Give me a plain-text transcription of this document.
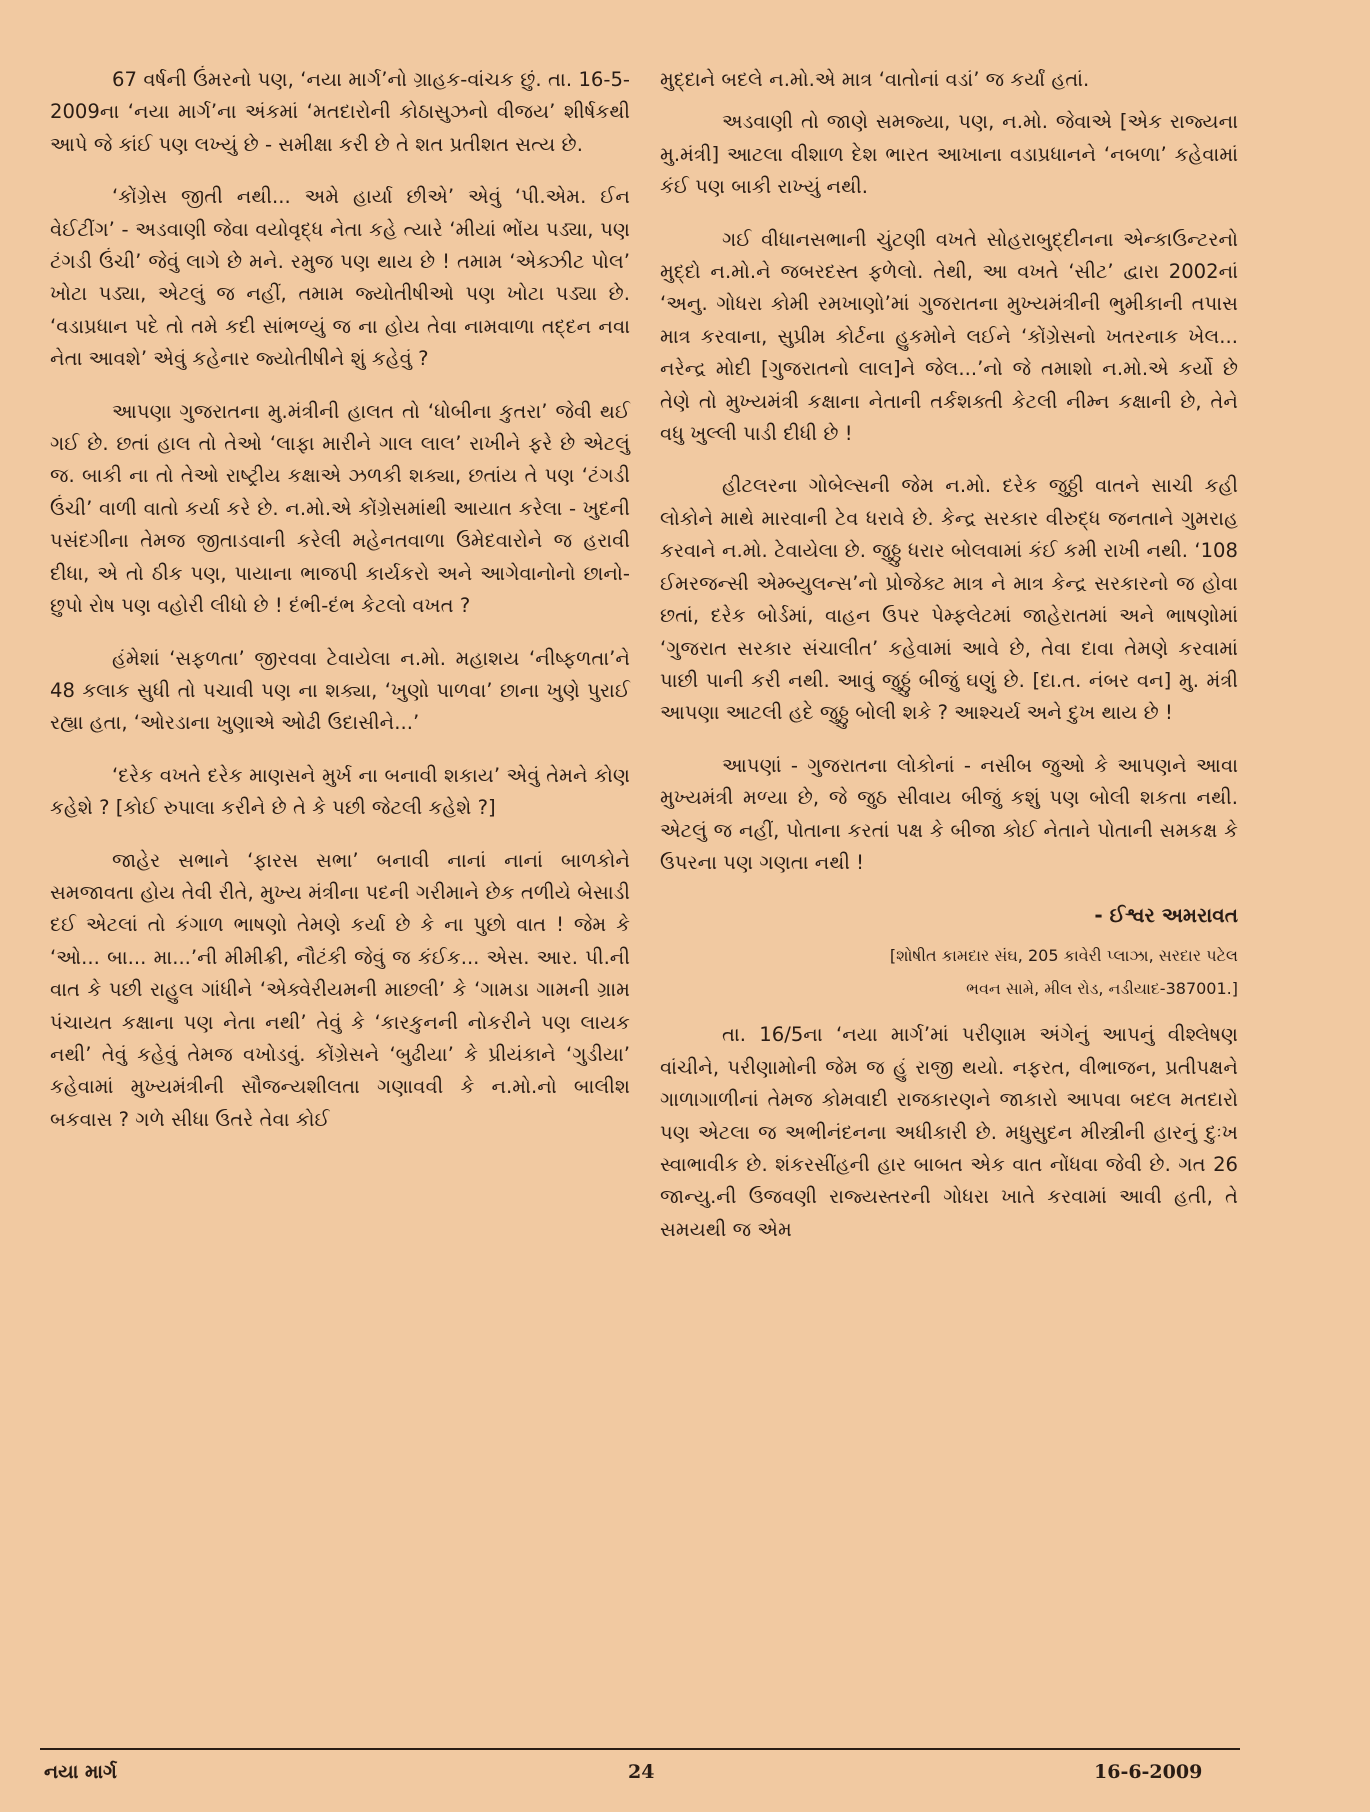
67 વર્ષની ઉંમરનો પણ, ‘નયા માર્ગ’નો ગ્રાહક-વાંચક છું. તા. 16-5-2009ના ‘નયા માર્ગ’ના અંકમાં ‘મતદારોની કોઠાસુઝનો વીજય’ શીર્ષકથી આપે જે કાંઈ પણ લખ્યું છે - સમીક્ષા કરી છે તે શત પ્રતીશત સત્ય છે.

‘કોંગ્રેસ જીતી નથી... અમે હાર્યા છીએ’ એવું ‘પી.એમ. ઈન વેઈટીંગ’ - અડવાણી જેવા વયોવૃદ્ધ નેતા કહે ત્યારે ‘મીયાં ભોંય પડ્યા, પણ ટંગડી ઉંચી’ જેવું લાગે છે મને. રમુજ પણ થાય છે ! તમામ ‘એક્ઝીટ પોલ’ ખોટા પડ્યા, એટલું જ નહીં, તમામ જ્યોતીષીઓ પણ ખોટા પડ્યા છે. ‘વડાપ્રધાન પદે તો તમે કદી સાંભળ્યું જ ના હોય તેવા નામવાળા તદ્દન નવા નેતા આવશે’ એવું કહેનાર જ્યોતીષીને શું કહેવું ?

આપણા ગુજરાતના મુ.મંત્રીની હાલત તો ‘ધોબીના કુતરા’ જેવી થઈ ગઈ છે. છતાં હાલ તો તેઓ ‘લાફા મારીને ગાલ લાલ’ રાખીને ફરે છે એટલું જ. બાકી ના તો તેઓ રાષ્ટ્રીય કક્ષાએ ઝળકી શક્યા, છતાંય તે પણ ‘ટંગડી ઉંચી’ વાળી વાતો કર્યા કરે છે. ન.મો.એ કોંગ્રેસમાંથી આયાત કરેલા - ખુદની પસંદગીના તેમજ જીતાડવાની કરેલી મહેનતવાળા ઉમેદવારોને જ હરાવી દીધા, એ તો ઠીક પણ, પાયાના ભાજપી કાર્યકરો અને આગેવાનોનો છાનો-છુપો રોષ પણ વહોરી લીધો છે ! દંભી-દંભ કેટલો વખત ?

હંમેશાં ‘સફળતા’ જીરવવા ટેવાયેલા ન.મો. મહાશય ‘નીષ્ફળતા’ને 48 કલાક સુધી તો પચાવી પણ ના શક્યા, ‘ખુણો પાળવા’ છાના ખુણે પુરાઈ રહ્યા હતા, ‘ઓરડાના ખુણાએ ઓઢી ઉદાસીને...’

‘દરેક વખતે દરેક માણસને મુર્ખ ના બનાવી શકાય’ એવું તેમને કોણ કહેશે ? [કોઈ રુપાલા કરીને છે તે કે પછી જેટલી કહેશે ?]

જાહેર સભાને ‘ફારસ સભા’ બનાવી નાનાં નાનાં બાળકોને સમજાવતા હોય તેવી રીતે, મુખ્ય મંત્રીના પદની ગરીમાને છેક તળીયે બેસાડી દઈ એટલાં તો કંગાળ ભાષણો તેમણે કર્યા છે કે ના પુછો વાત ! જેમ કે ‘ઓ... બા... મા...’ની મીમીક્રી, નૌટંકી જેવું જ કંઈક... એસ. આર. પી.ની વાત કે પછી રાહુલ ગાંધીને ‘એક્વેરીયમની માછલી’ કે ‘ગામડા ગામની ગ્રામ પંચાયત કક્ષાના પણ નેતા નથી’ તેવું કે ‘કારકુનની નોકરીને પણ લાયક નથી’ તેવું કહેવું તેમજ વખોડવું. કોંગ્રેસને ‘બુઢીયા’ કે પ્રીયંકાને ‘ગુડીયા’ કહેવામાં મુખ્યમંત્રીની સૌજન્યશીલતા ગણાવવી કે ન.મો.નો બાલીશ બકવાસ ? ગળે સીધા ઉતરે તેવા કોઈ

મુદ્દાને બદલે ન.મો.એ માત્ર ‘વાતોનાં વડાં’ જ કર્યાં હતાં.

અડવાણી તો જાણે સમજ્યા, પણ, ન.મો. જેવાએ [એક રાજ્યના મુ.મંત્રી] આટલા વીશાળ દેશ ભારત આખાના વડાપ્રધાનને ‘નબળા’ કહેવામાં કંઈ પણ બાકી રાખ્યું નથી.

ગઈ વીધાનસભાની ચુંટણી વખતે સોહરાબુદ્દીનના એન્કાઉન્ટરનો મુદ્દો ન.મો.ને જબરદસ્ત ફળેલો. તેથી, આ વખતે ‘સીટ’ દ્વારા 2002નાં ‘અનુ. ગોધરા કોમી રમખાણો’માં ગુજરાતના મુખ્યમંત્રીની ભુમીકાની તપાસ માત્ર કરવાના, સુપ્રીમ કોર્ટના હુકમોને લઈને ‘કોંગ્રેસનો ખતરનાક ખેલ... નરેન્દ્ર મોદી [ગુજરાતનો લાલ]ને જેલ...’નો જે તમાશો ન.મો.એ કર્યો છે તેણે તો મુખ્યમંત્રી કક્ષાના નેતાની તર્કશક્તી કેટલી નીમ્ન કક્ષાની છે, તેને વધુ ખુલ્લી પાડી દીધી છે !

હીટલરના ગોબેલ્સની જેમ ન.મો. દરેક જુઠ્ઠી વાતને સાચી કહી લોકોને માથે મારવાની ટેવ ધરાવે છે. કેન્દ્ર સરકાર વીરુદ્ધ જનતાને ગુમરાહ કરવાને ન.મો. ટેવાયેલા છે. જુઠ્ઠુ ધરાર બોલવામાં કંઈ કમી રાખી નથી. ‘108 ઈમરજન્સી એમ્બ્યુલન્સ’નો પ્રોજેક્ટ માત્ર ને માત્ર કેન્દ્ર સરકારનો જ હોવા છતાં, દરેક બોર્ડમાં, વાહન ઉપર પેમ્ફલેટમાં જાહેરાતમાં અને ભાષણોમાં ‘ગુજરાત સરકાર સંચાલીત’ કહેવામાં આવે છે, તેવા દાવા તેમણે કરવામાં પાછી પાની કરી નથી. આવું જુઠ્ઠું બીજું ઘણું છે. [દા.ત. નંબર વન] મુ. મંત્રી આપણા આટલી હદે જુઠ્ઠુ બોલી શકે ? આશ્ચર્ય અને દુખ થાય છે !

આપણાં - ગુજરાતના લોકોનાં - નસીબ જુઓ કે આપણને આવા મુખ્યમંત્રી મળ્યા છે, જે જુઠ સીવાય બીજું કશું પણ બોલી શકતા નથી. એટલું જ નહીં, પોતાના કરતાં પક્ષ કે બીજા કોઈ નેતાને પોતાની સમકક્ષ કે ઉપરના પણ ગણતા નથી !

- ઈશ્વર અમરાવત
[શોષીત કામદાર સંઘ, 205 કાવેરી પ્લાઝા, સરદાર પટેલ
ભવન સામે, મીલ રોડ, નડીયાદ-387001.]

તા. 16/5ના ‘નયા માર્ગ’માં પરીણામ અંગેનું આપનું વીશ્લેષણ વાંચીને, પરીણામોની જેમ જ હું રાજી થયો. નફરત, વીભાજન, પ્રતીપક્ષને ગાળાગાળીનાં તેમજ કોમવાદી રાજકારણને જાકારો આપવા બદલ મતદારો પણ એટલા જ અભીનંદનના અધીકારી છે. મધુસુદન મીસ્ત્રીની હારનું દુઃખ સ્વાભાવીક છે. શંકરસીંહની હાર બાબત એક વાત નોંધવા જેવી છે. ગત 26 જાન્યુ.ની ઉજવણી રાજ્યસ્તરની ગોધરા ખાતે કરવામાં આવી હતી, તે સમયથી જ એમ

નયા માર્ગ	24	16-6-2009
